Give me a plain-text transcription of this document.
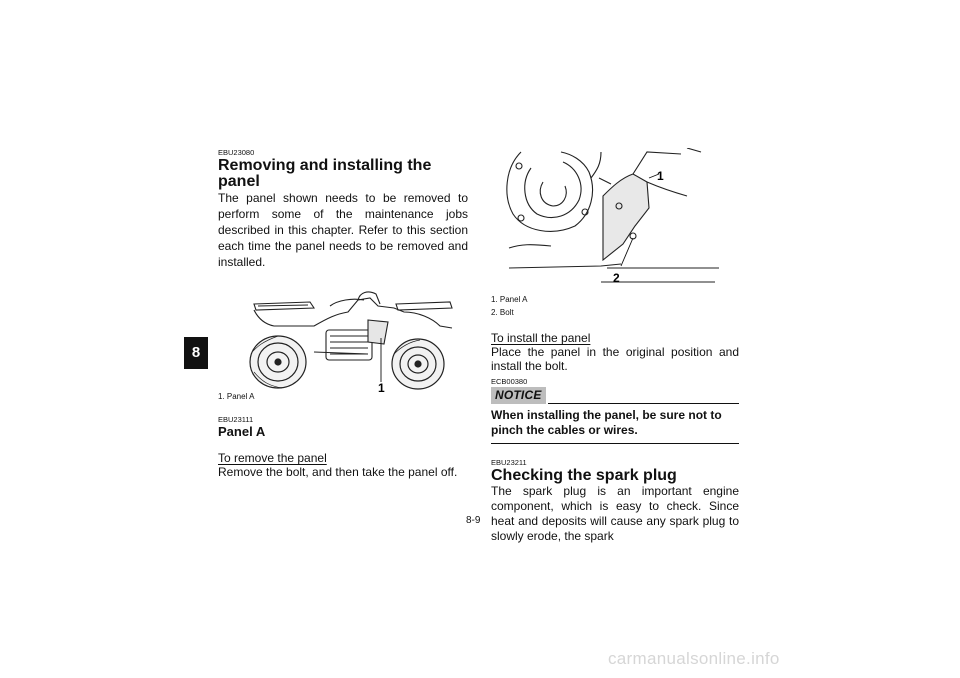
8
EBU23080
Removing and installing the panel
The panel shown needs to be removed to perform some of the maintenance jobs described in this chapter. Refer to this section each time the panel needs to be removed and installed.
1
1. Panel A
EBU23111
Panel A
To remove the panel
Remove the bolt, and then take the panel off.
1
2
1. Panel A
2. Bolt
To install the panel
Place the panel in the original position and install the bolt.
ECB00380
NOTICE
When installing the panel, be sure not to pinch the cables or wires.
EBU23211
Checking the spark plug
The spark plug is an important engine component, which is easy to check. Since heat and deposits will cause any spark plug to slowly erode, the spark
8-9
carmanualsonline.info
